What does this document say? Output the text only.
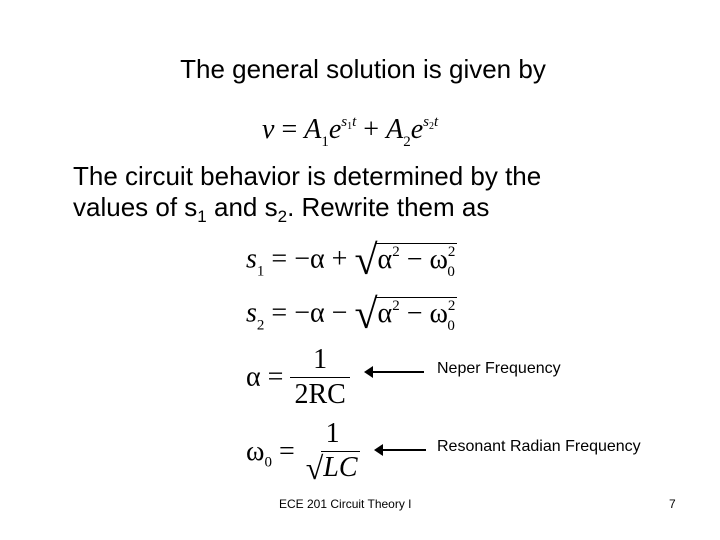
The general solution is given by
$v = A_1e^{s_1t} + A_2e^{s_2t}$
The circuit behavior is determined by the
values of $s_1$ and $s_2$. Rewrite them as
$s_1 = -\alpha + √\alpha^2 - \omega^2_0$
$s_2 = -\alpha - √\alpha^2 - \omega^2_0$
$\alpha = \frac{1}{2RC}$	Neper Frequency
$\omega_0$ =
1
√LC
Resonant Radian Frequency
ECE 201 Circuit Theory I	7
